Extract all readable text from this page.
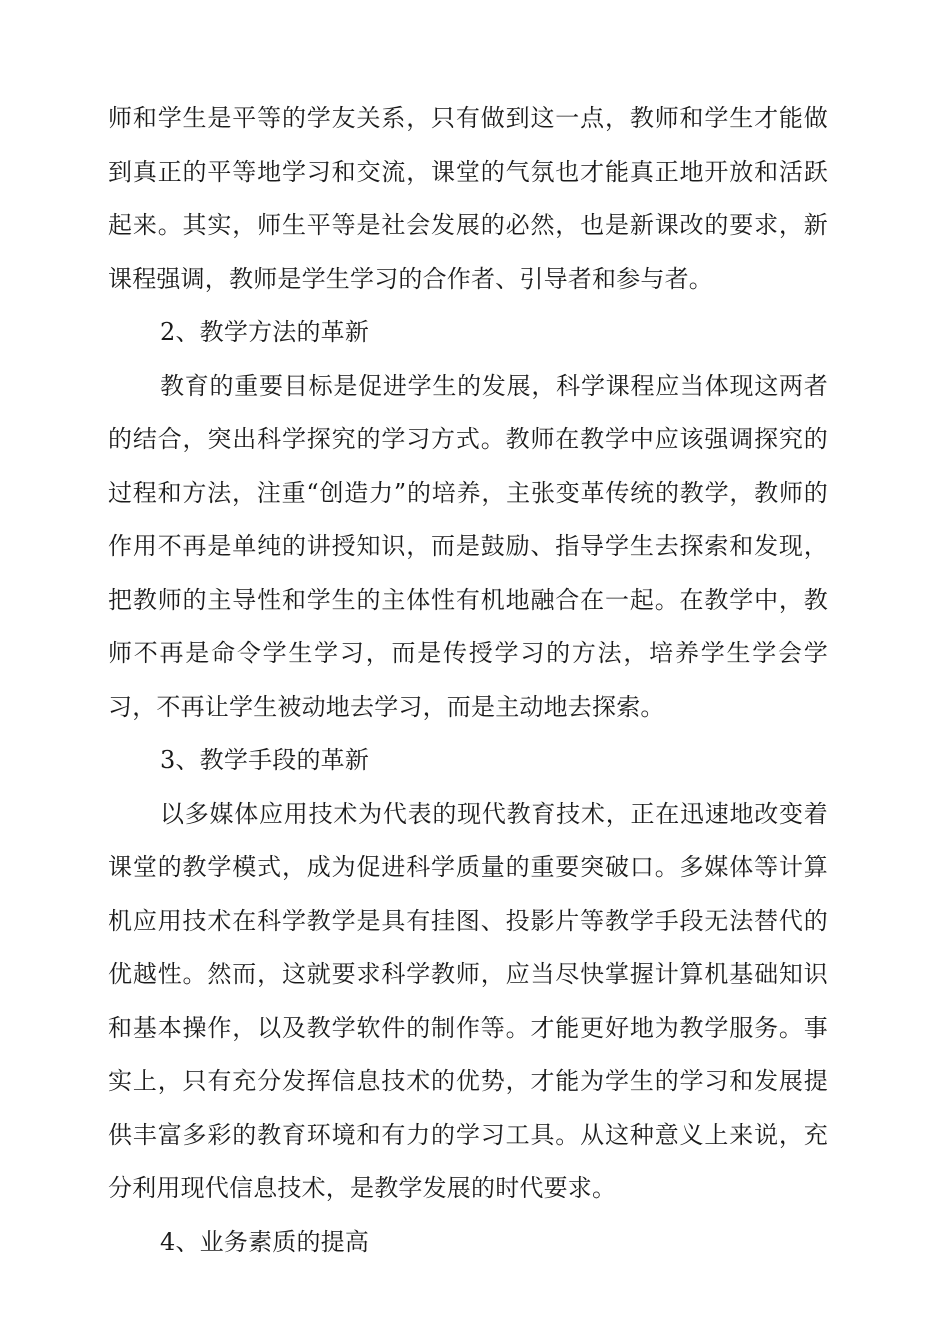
师和学生是平等的学友关系，只有做到这一点，教师和学生才能做到真正的平等地学习和交流，课堂的气氛也才能真正地开放和活跃起来。其实，师生平等是社会发展的必然，也是新课改的要求，新课程强调，教师是学生学习的合作者、引导者和参与者。

2、教学方法的革新

教育的重要目标是促进学生的发展，科学课程应当体现这两者的结合，突出科学探究的学习方式。教师在教学中应该强调探究的过程和方法，注重“创造力”的培养，主张变革传统的教学，教师的作用不再是单纯的讲授知识，而是鼓励、指导学生去探索和发现，把教师的主导性和学生的主体性有机地融合在一起。在教学中，教师不再是命令学生学习，而是传授学习的方法，培养学生学会学习，不再让学生被动地去学习，而是主动地去探索。

3、教学手段的革新

以多媒体应用技术为代表的现代教育技术，正在迅速地改变着课堂的教学模式，成为促进科学质量的重要突破口。多媒体等计算机应用技术在科学教学是具有挂图、投影片等教学手段无法替代的优越性。然而，这就要求科学教师，应当尽快掌握计算机基础知识和基本操作，以及教学软件的制作等。才能更好地为教学服务。事实上，只有充分发挥信息技术的优势，才能为学生的学习和发展提供丰富多彩的教育环境和有力的学习工具。从这种意义上来说，充分利用现代信息技术，是教学发展的时代要求。

4、业务素质的提高
